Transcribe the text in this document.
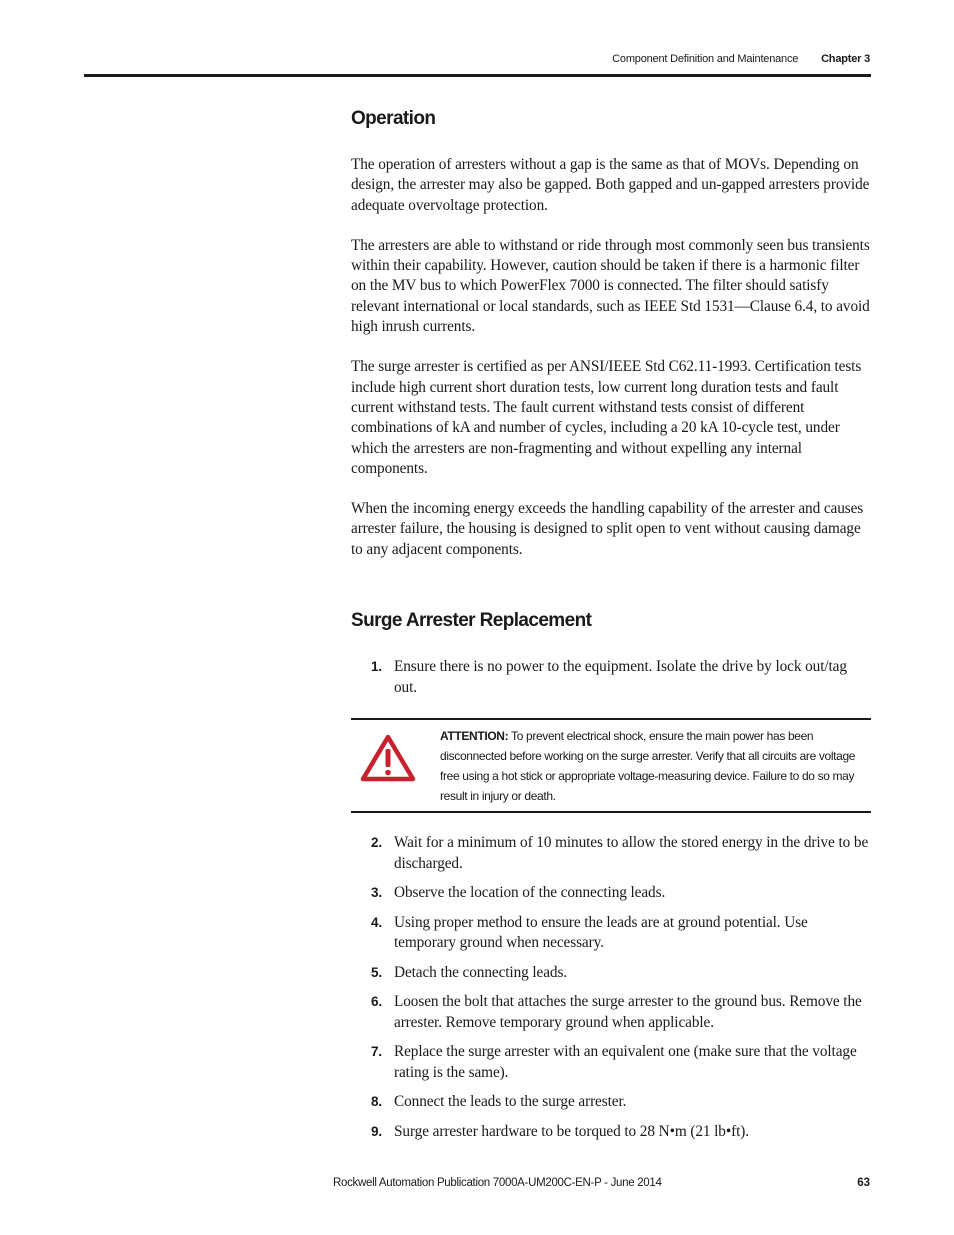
Component Definition and Maintenance Chapter 3
Operation

The operation of arresters without a gap is the same as that of MOVs. Depending on design, the arrester may also be gapped. Both gapped and un-gapped arresters provide adequate overvoltage protection.

The arresters are able to withstand or ride through most commonly seen bus transients within their capability. However, caution should be taken if there is a harmonic filter on the MV bus to which PowerFlex 7000 is connected. The filter should satisfy relevant international or local standards, such as IEEE Std 1531—Clause 6.4, to avoid high inrush currents.

The surge arrester is certified as per ANSI/IEEE Std C62.11-1993. Certification tests include high current short duration tests, low current long duration tests and fault current withstand tests. The fault current withstand tests consist of different combinations of kA and number of cycles, including a 20 kA 10-cycle test, under which the arresters are non-fragmenting and without expelling any internal components.

When the incoming energy exceeds the handling capability of the arrester and causes arrester failure, the housing is designed to split open to vent without causing damage to any adjacent components.

Surge Arrester Replacement
1. Ensure there is no power to the equipment. Isolate the drive by lock out/tag out.
ATTENTION: To prevent electrical shock, ensure the main power has been disconnected before working on the surge arrester. Verify that all circuits are voltage free using a hot stick or appropriate voltage-measuring device. Failure to do so may result in injury or death.
2. Wait for a minimum of 10 minutes to allow the stored energy in the drive to be discharged.
3. Observe the location of the connecting leads.
4. Using proper method to ensure the leads are at ground potential. Use temporary ground when necessary.
5. Detach the connecting leads.
6. Loosen the bolt that attaches the surge arrester to the ground bus. Remove the arrester. Remove temporary ground when applicable.
7. Replace the surge arrester with an equivalent one (make sure that the voltage rating is the same).
8. Connect the leads to the surge arrester.
9. Surge arrester hardware to be torqued to 28 N•m (21 lb•ft).
Rockwell Automation Publication 7000A-UM200C-EN-P - June 2014	63
